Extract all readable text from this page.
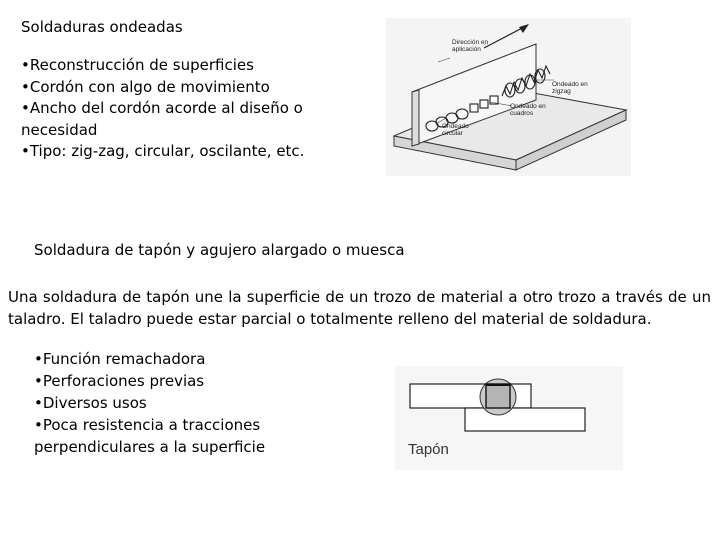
Soldaduras ondeadas
•Reconstrucción de superficies
•Cordón con algo de movimiento
•Ancho del cordón acorde al diseño o necesidad
•Tipo: zig-zag, circular, oscilante, etc.
Dirección en
aplicación
Ondeado en
zigzag
Ondeado en
cuadros
Ondeado
circular
Soldadura de tapón y agujero alargado o muesca
Una soldadura de tapón une la superficie de un trozo de material a otro trozo a través de un taladro. El taladro puede estar parcial o totalmente relleno del material de soldadura.
•Función remachadora
•Perforaciones previas
•Diversos usos
•Poca resistencia a tracciones perpendiculares a la superficie	Tapón
